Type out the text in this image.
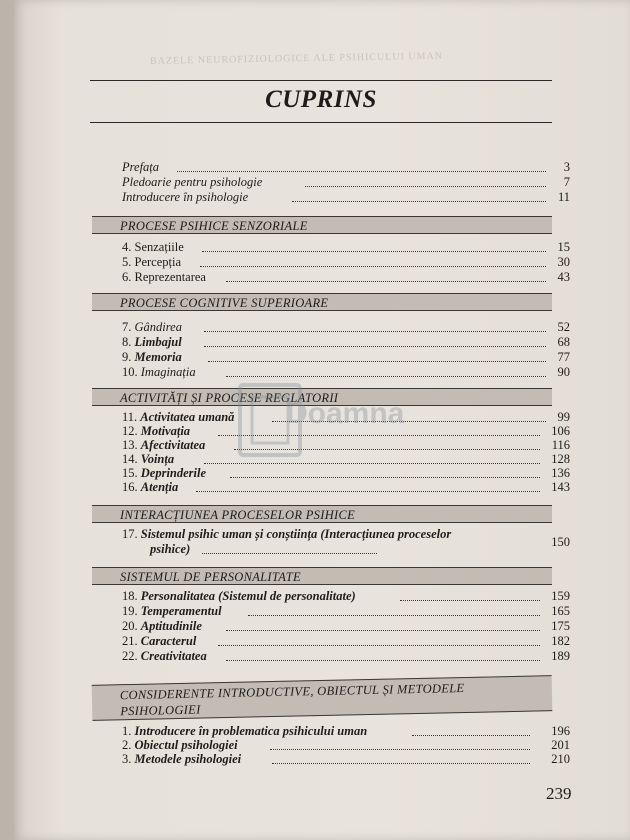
BAZELE NEUROFIZIOLOGICE ALE PSIHICULUI UMAN
CUPRINS
Prefața	3
Pledoarie pentru psihologie	7
Introducere în psihologie	11
PROCESE PSIHICE SENZORIALE
4. Senzațiile	15
5. Percepția	30
6. Reprezentarea	43
PROCESE COGNITIVE SUPERIOARE
7. Gândirea	52
8. Limbajul	68
9. Memoria	77
10. Imaginația	90
ACTIVITĂȚI ȘI PROCESE REGLATORII
11. Activitatea umană	99
12. Motivația	106
13. Afectivitatea	116
14. Voința	128
15. Deprinderile	136
16. Atenția	143
INTERACȚIUNEA PROCESELOR PSIHICE
17. Sistemul psihic uman și conștiința (Interacțiunea proceselor
psihice)	150
SISTEMUL DE PERSONALITATE
18. Personalitatea (Sistemul de personalitate)	159
19. Temperamentul	165
20. Aptitudinile	175
21. Caracterul	182
22. Creativitatea	189
CONSIDERENTE INTRODUCTIVE, OBIECTUL ȘI METODELE
PSIHOLOGIEI
1. Introducere în problematica psihicului uman	196
2. Obiectul psihologiei	201
3. Metodele psihologiei	210
Doamna
239
